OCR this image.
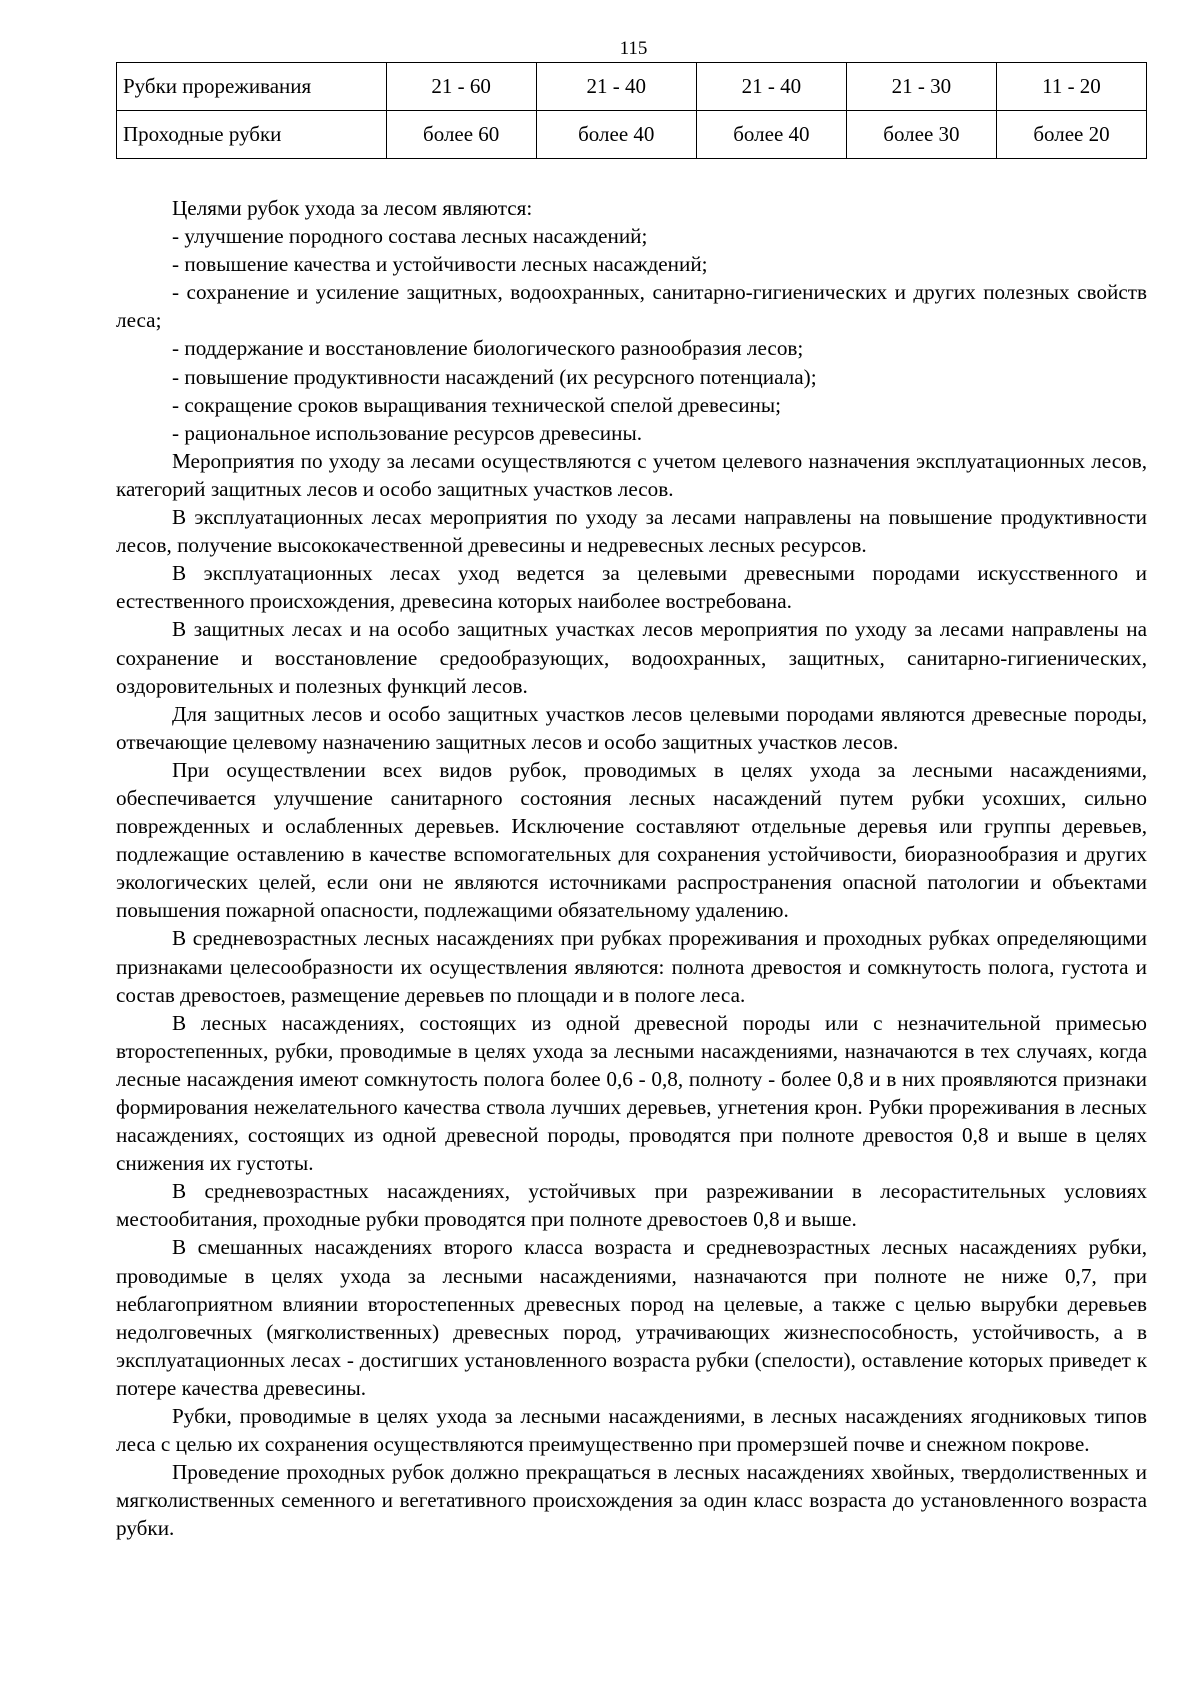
115
Рубки прореживания	21 - 60	21 - 40	21 - 40	21 - 30	11 - 20
Проходные рубки	более 60	более 40	более 40	более 30	более 20

Целями рубок ухода за лесом являются:

- улучшение породного состава лесных насаждений;

- повышение качества и устойчивости лесных насаждений;

- сохранение и усиление защитных, водоохранных, санитарно-гигиенических и других полезных свойств леса;

- поддержание и восстановление биологического разнообразия лесов;

- повышение продуктивности насаждений (их ресурсного потенциала);

- сокращение сроков выращивания технической спелой древесины;

- рациональное использование ресурсов древесины.

Мероприятия по уходу за лесами осуществляются с учетом целевого назначения эксплуатационных лесов, категорий защитных лесов и особо защитных участков лесов.

В эксплуатационных лесах мероприятия по уходу за лесами направлены на повышение продуктивности лесов, получение высококачественной древесины и недревесных лесных ресурсов.

В эксплуатационных лесах уход ведется за целевыми древесными породами искусственного и естественного происхождения, древесина которых наиболее востребована.

В защитных лесах и на особо защитных участках лесов мероприятия по уходу за лесами направлены на сохранение и восстановление средообразующих, водоохранных, защитных, санитарно-гигиенических, оздоровительных и полезных функций лесов.

Для защитных лесов и особо защитных участков лесов целевыми породами являются древесные породы, отвечающие целевому назначению защитных лесов и особо защитных участков лесов.

При осуществлении всех видов рубок, проводимых в целях ухода за лесными насаждениями, обеспечивается улучшение санитарного состояния лесных насаждений путем рубки усохших, сильно поврежденных и ослабленных деревьев. Исключение составляют отдельные деревья или группы деревьев, подлежащие оставлению в качестве вспомогательных для сохранения устойчивости, биоразнообразия и других экологических целей, если они не являются источниками распространения опасной патологии и объектами повышения пожарной опасности, подлежащими обязательному удалению.

В средневозрастных лесных насаждениях при рубках прореживания и проходных рубках определяющими признаками целесообразности их осуществления являются: полнота древостоя и сомкнутость полога, густота и состав древостоев, размещение деревьев по площади и в пологе леса.

В лесных насаждениях, состоящих из одной древесной породы или с незначительной примесью второстепенных, рубки, проводимые в целях ухода за лесными насаждениями, назначаются в тех случаях, когда лесные насаждения имеют сомкнутость полога более 0,6 - 0,8, полноту - более 0,8 и в них проявляются признаки формирования нежелательного качества ствола лучших деревьев, угнетения крон. Рубки прореживания в лесных насаждениях, состоящих из одной древесной породы, проводятся при полноте древостоя 0,8 и выше в целях снижения их густоты.

В средневозрастных насаждениях, устойчивых при разреживании в лесорастительных условиях местообитания, проходные рубки проводятся при полноте древостоев 0,8 и выше.

В смешанных насаждениях второго класса возраста и средневозрастных лесных насаждениях рубки, проводимые в целях ухода за лесными насаждениями, назначаются при полноте не ниже 0,7, при неблагоприятном влиянии второстепенных древесных пород на целевые, а также с целью вырубки деревьев недолговечных (мягколиственных) древесных пород, утрачивающих жизнеспособность, устойчивость, а в эксплуатационных лесах - достигших установленного возраста рубки (спелости), оставление которых приведет к потере качества древесины.

Рубки, проводимые в целях ухода за лесными насаждениями, в лесных насаждениях ягодниковых типов леса с целью их сохранения осуществляются преимущественно при промерзшей почве и снежном покрове.

Проведение проходных рубок должно прекращаться в лесных насаждениях хвойных, твердолиственных и мягколиственных семенного и вегетативного происхождения за один класс возраста до установленного возраста рубки.
